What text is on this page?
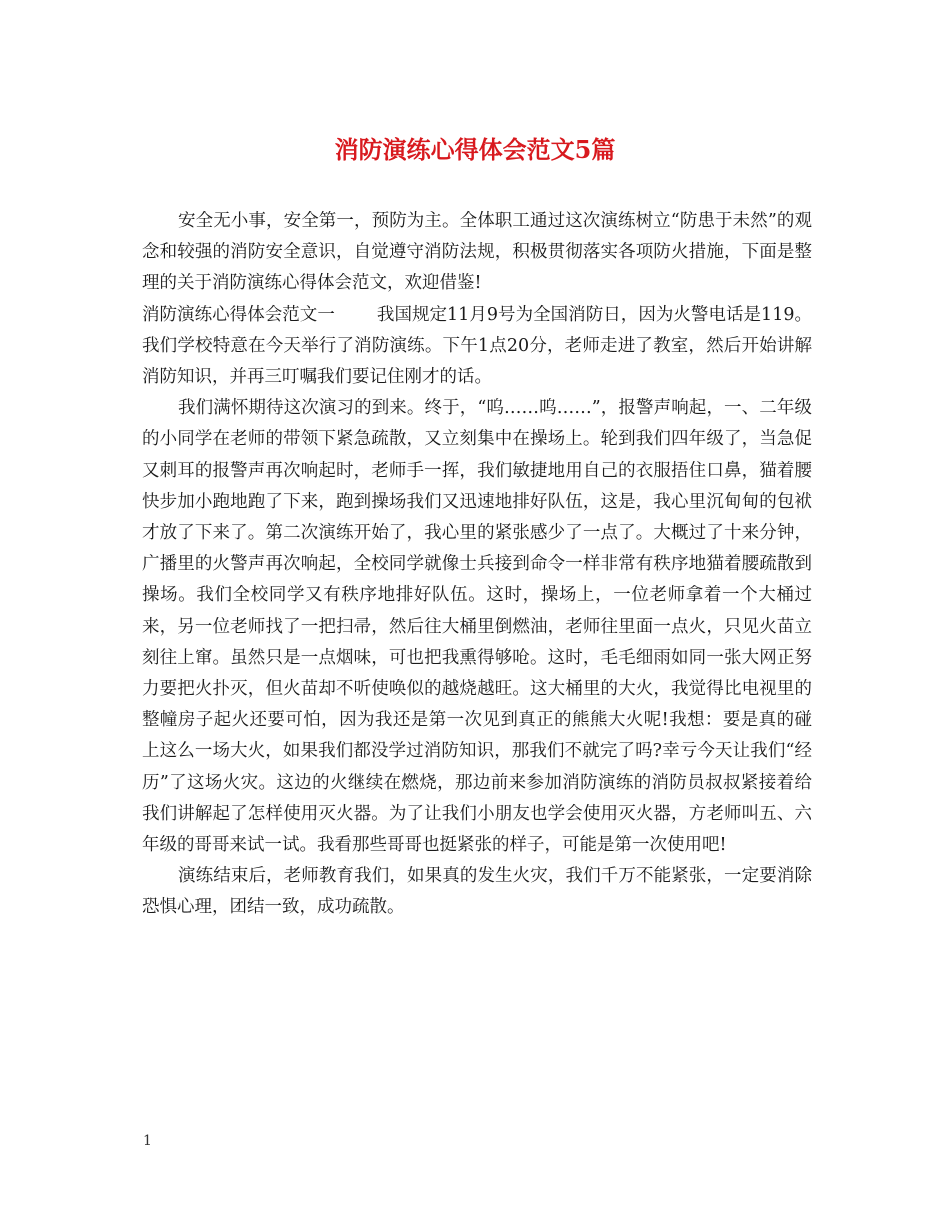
消防演练心得体会范文5篇

安全无小事，安全第一，预防为主。全体职工通过这次演练树立“防患于未然”的观念和较强的消防安全意识，自觉遵守消防法规，积极贯彻落实各项防火措施，下面是整理的关于消防演练心得体会范文，欢迎借鉴!

消防演练心得体会范文一 我国规定11月9号为全国消防日，因为火警电话是119。我们学校特意在今天举行了消防演练。下午1点20分，老师走进了教室，然后开始讲解消防知识，并再三叮嘱我们要记住刚才的话。

我们满怀期待这次演习的到来。终于，“呜……呜……”，报警声响起，一、二年级的小同学在老师的带领下紧急疏散，又立刻集中在操场上。轮到我们四年级了，当急促又刺耳的报警声再次响起时，老师手一挥，我们敏捷地用自己的衣服捂住口鼻，猫着腰快步加小跑地跑了下来，跑到操场我们又迅速地排好队伍，这是，我心里沉甸甸的包袱才放了下来了。第二次演练开始了，我心里的紧张感少了一点了。大概过了十来分钟，广播里的火警声再次响起，全校同学就像士兵接到命令一样非常有秩序地猫着腰疏散到操场。我们全校同学又有秩序地排好队伍。这时，操场上，一位老师拿着一个大桶过来，另一位老师找了一把扫帚，然后往大桶里倒燃油，老师往里面一点火，只见火苗立刻往上窜。虽然只是一点烟味，可也把我熏得够呛。这时，毛毛细雨如同一张大网正努力要把火扑灭，但火苗却不听使唤似的越烧越旺。这大桶里的大火，我觉得比电视里的整幢房子起火还要可怕，因为我还是第一次见到真正的熊熊大火呢!我想：要是真的碰上这么一场大火，如果我们都没学过消防知识，那我们不就完了吗?幸亏今天让我们“经历”了这场火灾。这边的火继续在燃烧，那边前来参加消防演练的消防员叔叔紧接着给我们讲解起了怎样使用灭火器。为了让我们小朋友也学会使用灭火器，方老师叫五、六年级的哥哥来试一试。我看那些哥哥也挺紧张的样子，可能是第一次使用吧!

演练结束后，老师教育我们，如果真的发生火灾，我们千万不能紧张，一定要消除恐惧心理，团结一致，成功疏散。

1
